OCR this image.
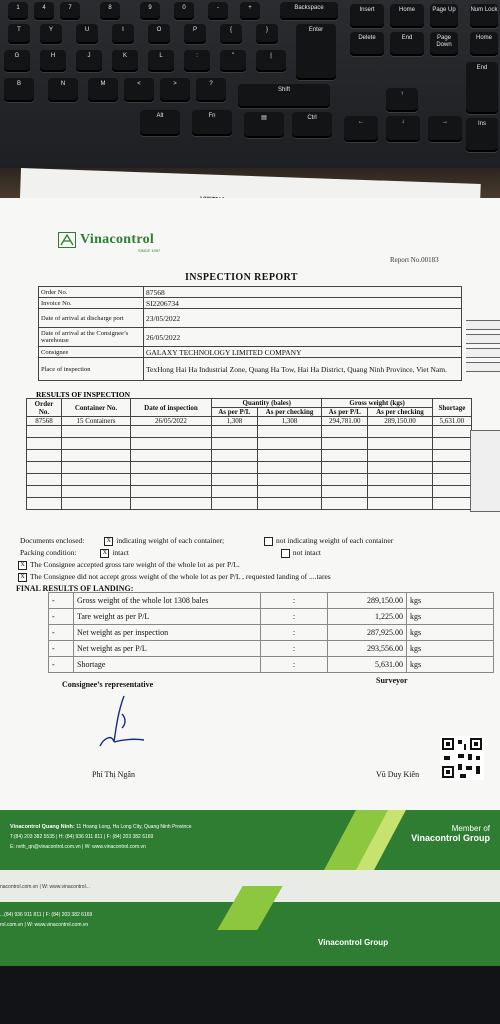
1	4	7	8	9	0	-	+	Backspace	Insert	Home	Page Up	Num Lock
T	Y	U	I	O	P	{	}	Enter
Delete	End	Page Down
Home
G	H	J	K	L	:	"	|
B	N	M	<	>	?
Shift
↑
End
Alt	Fn	▤	Ctrl
←	↓	→	Ins
nacontrol.com.vn | W: www.vinacontrol...
...(84) 936 911 811 | F: (84) 203 382 6169
rol.com.vn | W: www.vinacontrol.com.vn
Vinacontrol Group
Vinacontrol
SINCE 1957
Report No.00183
INSPECTION REPORT
Order No.	87568
Invoice No.	SI2206734
Date of arrival at discharge port	23/05/2022
Date of arrival at the Consignee’s warehouse	26/05/2022
Consignee	GALAXY TECHNOLOGY LIMITED COMPANY
Place of inspection	TexHong Hai Ha Industrial Zone, Quang Ha Tow, Hai Ha District, Quang Ninh Province, Viet Nam.
RESULTS OF INSPECTION
Order No.	Container No.	Date of inspection	Quantity (bales)		Gross weight (kgs)		Shortage
			As per P/L	As per checking	As per P/L	As per checking	
87568	15 Containers	26/05/2022	1,308	1,308	294,781.00	289,150.00	5,631.00

Documents enclosed:	X indicating weight of each container;	not indicating weight of each container
Packing condition:	X intact	not intact
X The Consignee accepted gross tare weight of the whole lot as per P/L.
X The Consignee did not accept gross weight of the whole lot as per P/L , requested landing of ....tares
FINAL RESULTS OF LANDING:
-	Gross weight of the whole lot 1308 bales	:	289,150.00	kgs
-	Tare weight as per P/L	:	1,225.00	kgs
-	Net weight as per inspection	:	287,925.00	kgs
-	Net weight as per P/L	:	293,556.00	kgs
-	Shortage	:	5,631.00	kgs
Consignee’s representative	Surveyor
Phí Thị Ngân	Vũ Duy Kiên
Vinacontrol Quang Ninh: 11 Hoang Long, Ha Long City, Quang Ninh Province
T:(84) 203 382 5535 | H: (84) 936 911 811 | F: (84) 203 382 6169
E: nvth_qn@vinacontrol.com.vn | W: www.vinacontrol.com.vn
Member of
Vinacontrol Group
